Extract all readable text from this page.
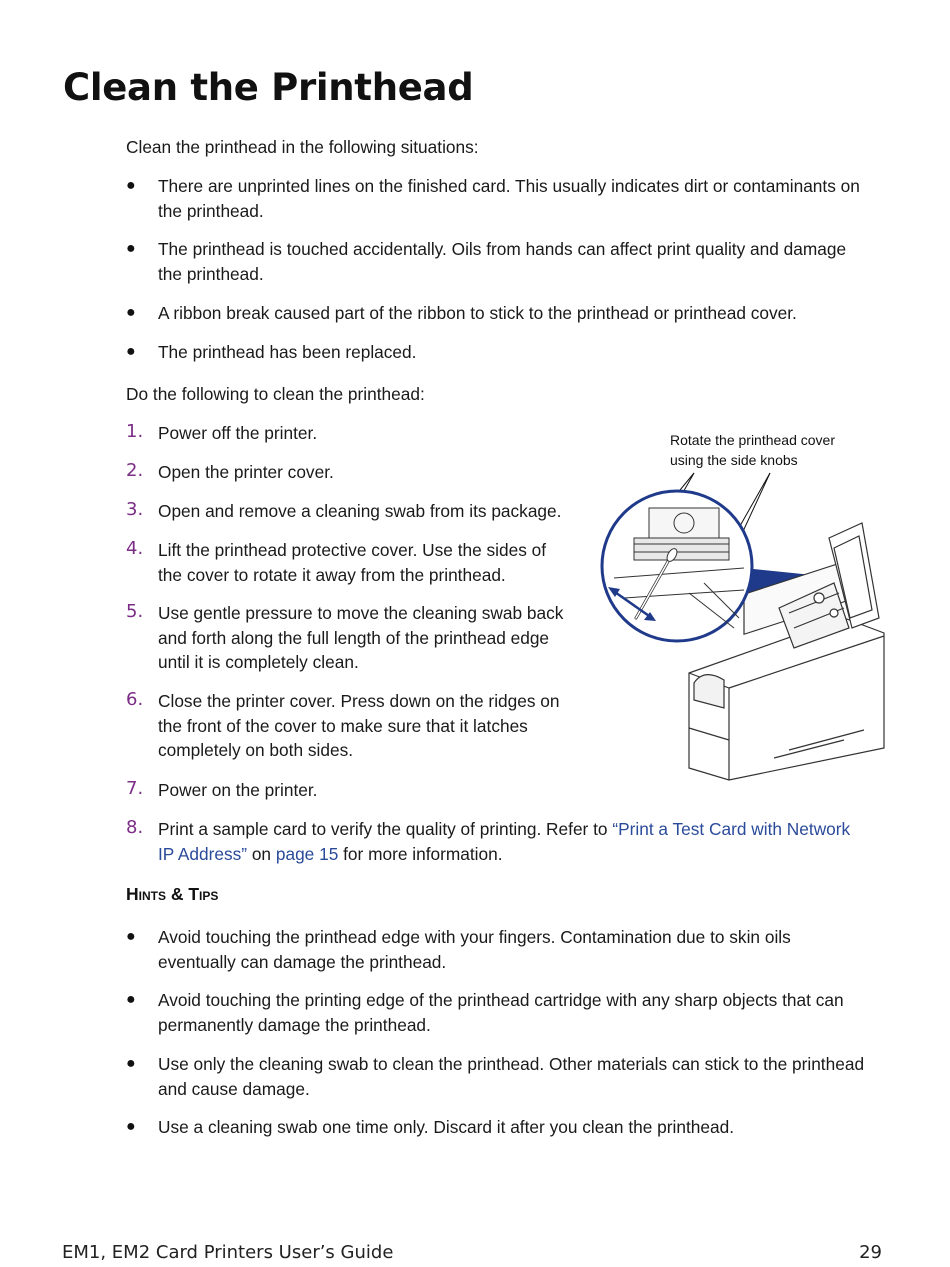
Clean the Printhead

Clean the printhead in the following situations:

● There are unprinted lines on the finished card. This usually indicates dirt or contaminants on
the printhead.

● The printhead is touched accidentally. Oils from hands can affect print quality and damage
the printhead.

● A ribbon break caused part of the ribbon to stick to the printhead or printhead cover.

● The printhead has been replaced.

Do the following to clean the printhead:

1. Power off the printer.

2. Open the printer cover.

3. Open and remove a cleaning swab from its package.

4. Lift the printhead protective cover. Use the sides of
the cover to rotate it away from the printhead.

5. Use gentle pressure to move the cleaning swab back
and forth along the full length of the printhead edge
until it is completely clean.

6. Close the printer cover. Press down on the ridges on
the front of the cover to make sure that it latches
completely on both sides.

7. Power on the printer.

8. Print a sample card to verify the quality of printing. Refer to “Print a Test Card with Network
IP Address” on page 15 for more information.

Rotate the printhead cover
using the side knobs
Hints & Tips
● Avoid touching the printhead edge with your fingers. Contamination due to skin oils
eventually can damage the printhead.

● Avoid touching the printing edge of the printhead cartridge with any sharp objects that can
permanently damage the printhead.

● Use only the cleaning swab to clean the printhead. Other materials can stick to the printhead
and cause damage.

● Use a cleaning swab one time only. Discard it after you clean the printhead.

EM1, EM2 Card Printers User’s Guide	29
